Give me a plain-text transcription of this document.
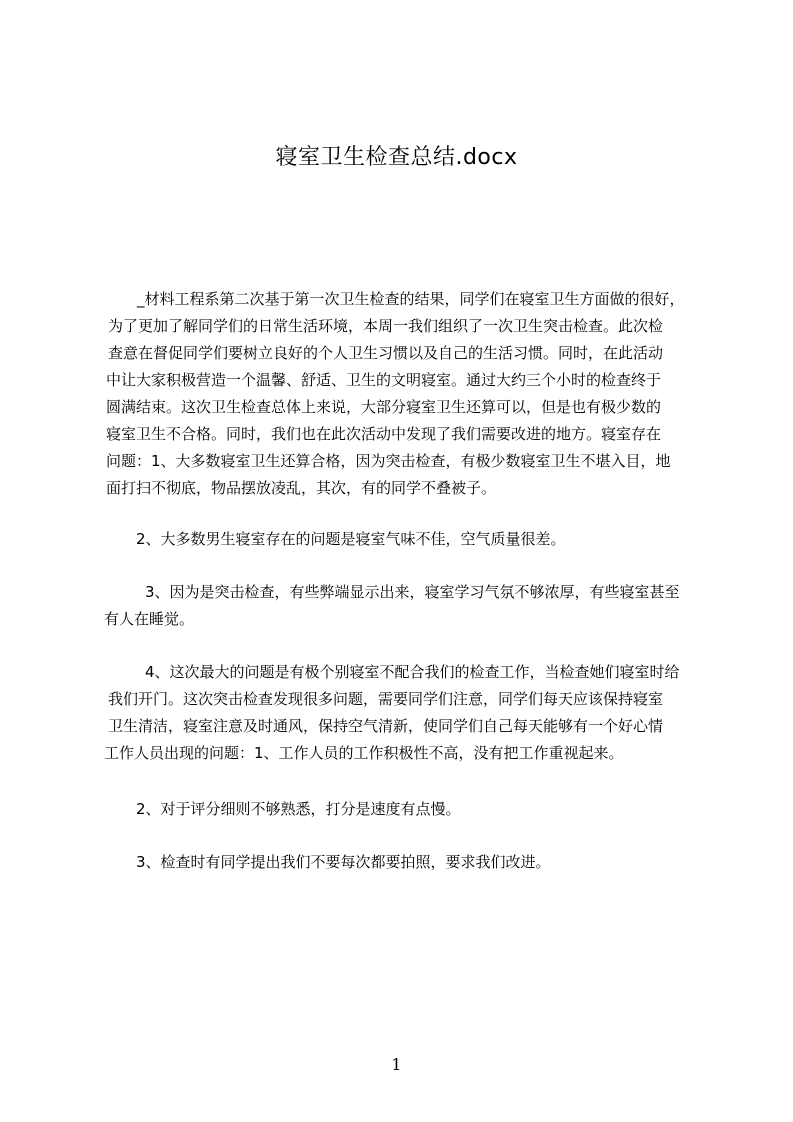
寝室卫生检查总结.docx
_材料工程系第二次基于第一次卫生检查的结果，同学们在寝室卫生方面做的很好，
为了更加了解同学们的日常生活环境，本周一我们组织了一次卫生突击检查。此次检
查意在督促同学们要树立良好的个人卫生习惯以及自己的生活习惯。同时，在此活动
中让大家积极营造一个温馨、舒适、卫生的文明寝室。通过大约三个小时的检查终于
圆满结束。这次卫生检查总体上来说，大部分寝室卫生还算可以，但是也有极少数的
寝室卫生不合格。同时，我们也在此次活动中发现了我们需要改进的地方。寝室存在
问题：1、大多数寝室卫生还算合格，因为突击检查，有极少数寝室卫生不堪入目，地
面打扫不彻底，物品摆放凌乱，其次，有的同学不叠被子。
2、大多数男生寝室存在的问题是寝室气味不佳，空气质量很差。
3、因为是突击检查，有些弊端显示出来，寝室学习气氛不够浓厚，有些寝室甚至
有人在睡觉。
4、这次最大的问题是有极个别寝室不配合我们的检查工作，当检查她们寝室时给
我们开门。这次突击检查发现很多问题，需要同学们注意，同学们每天应该保持寝室
卫生清洁，寝室注意及时通风，保持空气清新，使同学们自己每天能够有一个好心情
工作人员出现的问题：1、工作人员的工作积极性不高，没有把工作重视起来。
2、对于评分细则不够熟悉，打分是速度有点慢。
3、检查时有同学提出我们不要每次都要拍照，要求我们改进。
1
